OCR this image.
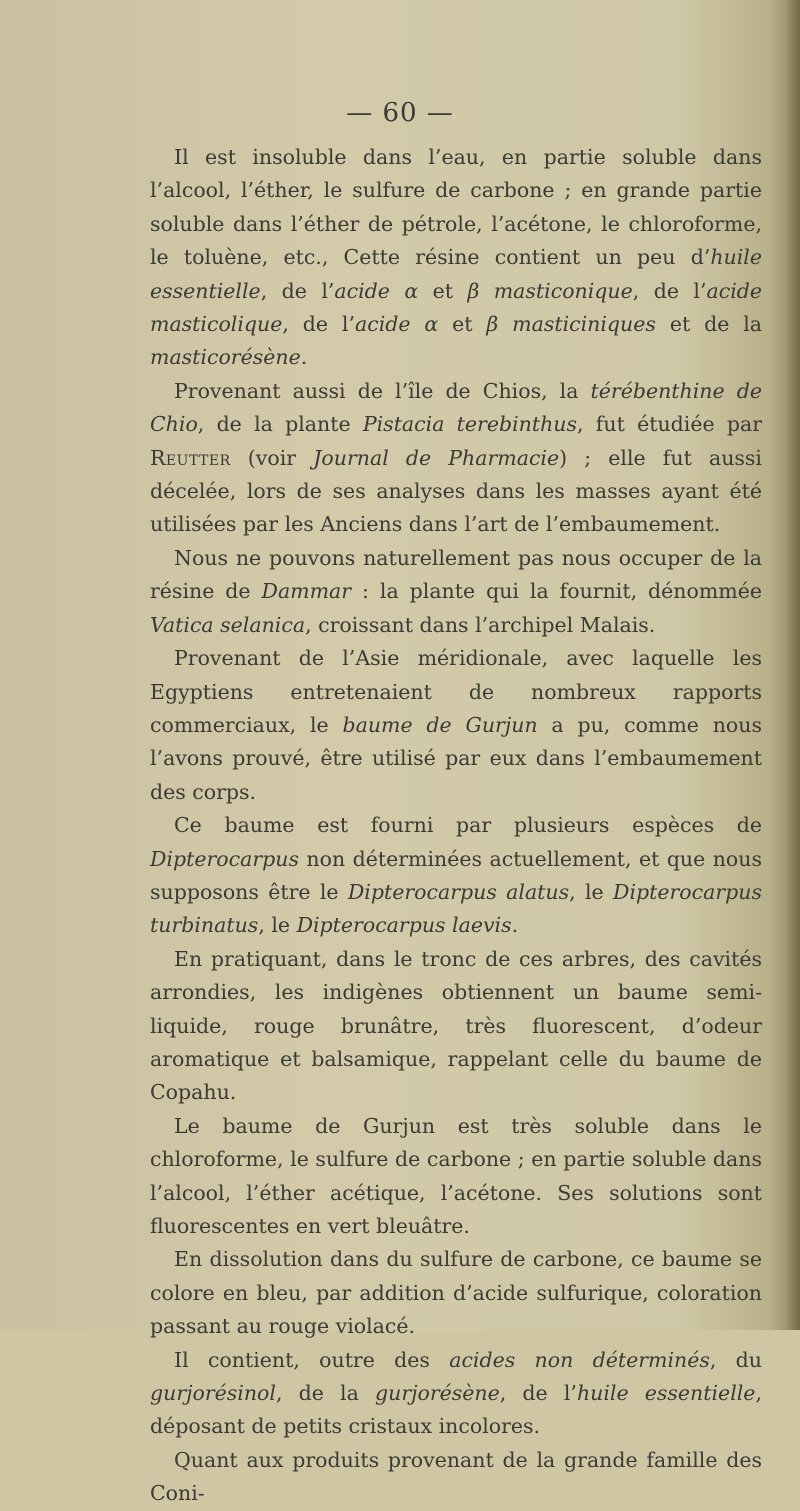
— 60 —

Il est insoluble dans l’eau, en partie soluble dans l’alcool, l’éther, le sulfure de carbone ; en grande partie soluble dans l’éther de pétrole, l’acétone, le chloroforme, le toluène, etc., Cette résine contient un peu d’huile essentielle, de l’acide α et β masticonique, de l’acide masticolique, de l’acide α et β masticiniques et de la masticorésène.

Provenant aussi de l’île de Chios, la térébenthine de Chio, de la plante Pistacia terebinthus, fut étudiée par Reutter (voir Journal de Pharmacie) ; elle fut aussi décelée, lors de ses analyses dans les masses ayant été utilisées par les Anciens dans l’art de l’embaumement.

Nous ne pouvons naturellement pas nous occuper de la résine de Dammar : la plante qui la fournit, dénommée Vatica selanica, croissant dans l’archipel Malais.

Provenant de l’Asie méridionale, avec laquelle les Egyptiens entretenaient de nombreux rapports commerciaux, le baume de Gurjun a pu, comme nous l’avons prouvé, être utilisé par eux dans l’embaumement des corps.

Ce baume est fourni par plusieurs espèces de Dipterocarpus non déterminées actuellement, et que nous supposons être le Dipterocarpus alatus, le Dipterocarpus turbinatus, le Dipterocarpus laevis.

En pratiquant, dans le tronc de ces arbres, des cavités arrondies, les indigènes obtiennent un baume semi-liquide, rouge brunâtre, très fluorescent, d’odeur aromatique et balsamique, rappelant celle du baume de Copahu.

Le baume de Gurjun est très soluble dans le chloroforme, le sulfure de carbone ; en partie soluble dans l’alcool, l’éther acétique, l’acétone. Ses solutions sont fluorescentes en vert bleuâtre.

En dissolution dans du sulfure de carbone, ce baume se colore en bleu, par addition d’acide sulfurique, coloration passant au rouge violacé.

Il contient, outre des acides non déterminés, du gurjorésinol, de la gurjorésène, de l’huile essentielle, déposant de petits cristaux incolores.

Quant aux produits provenant de la grande famille des Coni-
